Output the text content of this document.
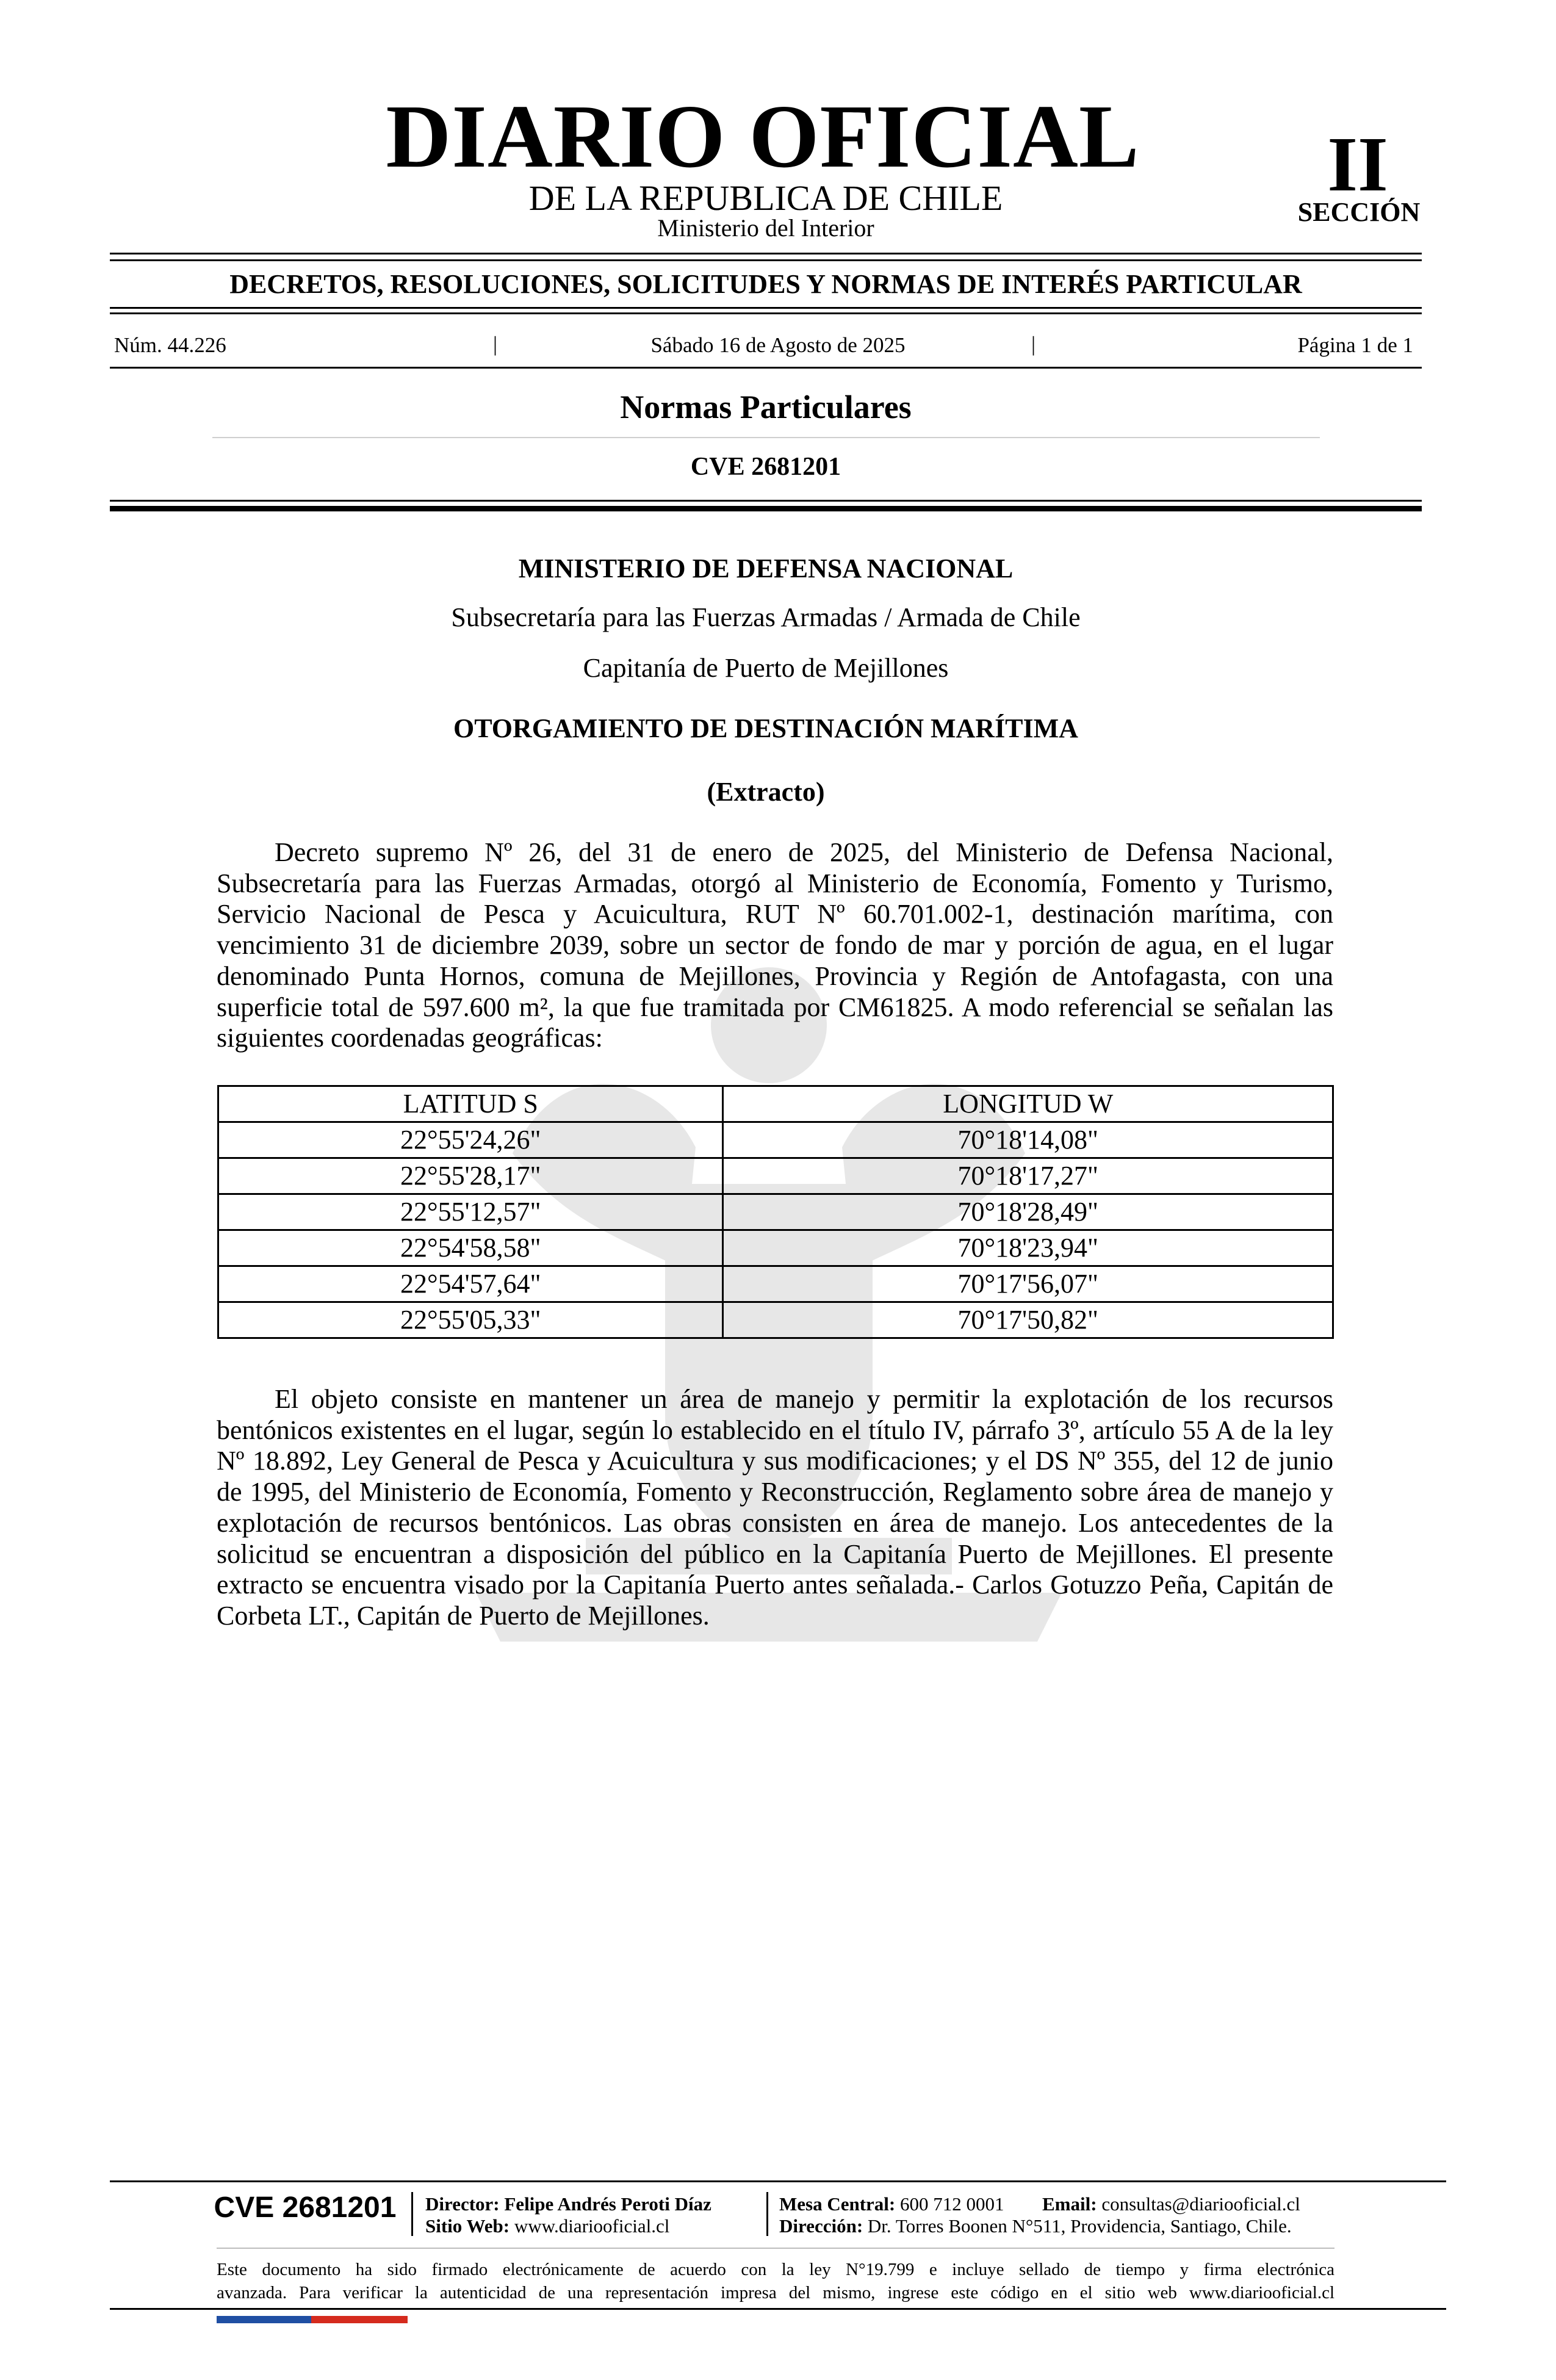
DIARIO OFICIAL
DE LA REPUBLICA DE CHILE
Ministerio del Interior
II
SECCIÓN
DECRETOS, RESOLUCIONES, SOLICITUDES Y NORMAS DE INTERÉS PARTICULAR
Núm. 44.226	|	Sábado 16 de Agosto de 2025	|	Página 1 de 1
Normas Particulares
CVE 2681201
MINISTERIO DE DEFENSA NACIONAL
Subsecretaría para las Fuerzas Armadas / Armada de Chile
Capitanía de Puerto de Mejillones
OTORGAMIENTO DE DESTINACIÓN MARÍTIMA
(Extracto)

Decreto supremo Nº 26, del 31 de enero de 2025, del Ministerio de Defensa Nacional, Subsecretaría para las Fuerzas Armadas, otorgó al Ministerio de Economía, Fomento y Turismo, Servicio Nacional de Pesca y Acuicultura, RUT Nº 60.701.002-1, destinación marítima, con vencimiento 31 de diciembre 2039, sobre un sector de fondo de mar y porción de agua, en el lugar denominado Punta Hornos, comuna de Mejillones, Provincia y Región de Antofagasta, con una superficie total de 597.600 m², la que fue tramitada por CM61825. A modo referencial se señalan las siguientes coordenadas geográficas:

LATITUD S	LONGITUD W
22°55'24,26"	70°18'14,08"
22°55'28,17"	70°18'17,27"
22°55'12,57"	70°18'28,49"
22°54'58,58"	70°18'23,94"
22°54'57,64"	70°17'56,07"
22°55'05,33"	70°17'50,82"

El objeto consiste en mantener un área de manejo y permitir la explotación de los recursos bentónicos existentes en el lugar, según lo establecido en el título IV, párrafo 3º, artículo 55 A de la ley Nº 18.892, Ley General de Pesca y Acuicultura y sus modificaciones; y el DS Nº 355, del 12 de junio de 1995, del Ministerio de Economía, Fomento y Reconstrucción, Reglamento sobre área de manejo y explotación de recursos bentónicos. Las obras consisten en área de manejo. Los antecedentes de la solicitud se encuentran a disposición del público en la Capitanía Puerto de Mejillones. El presente extracto se encuentra visado por la Capitanía Puerto antes señalada.- Carlos Gotuzzo Peña, Capitán de Corbeta LT., Capitán de Puerto de Mejillones.

CVE 2681201	Director: Felipe Andrés Peroti Díaz
Sitio Web: www.diariooficial.cl
Mesa Central: 600 712 0001 Email: consultas@diariooficial.cl
Dirección: Dr. Torres Boonen N°511, Providencia, Santiago, Chile.
Este documento ha sido firmado electrónicamente de acuerdo con la ley N°19.799 e incluye sellado de tiempo y firma electrónica
avanzada. Para verificar la autenticidad de una representación impresa del mismo, ingrese este código en el sitio web www.diariooficial.cl
